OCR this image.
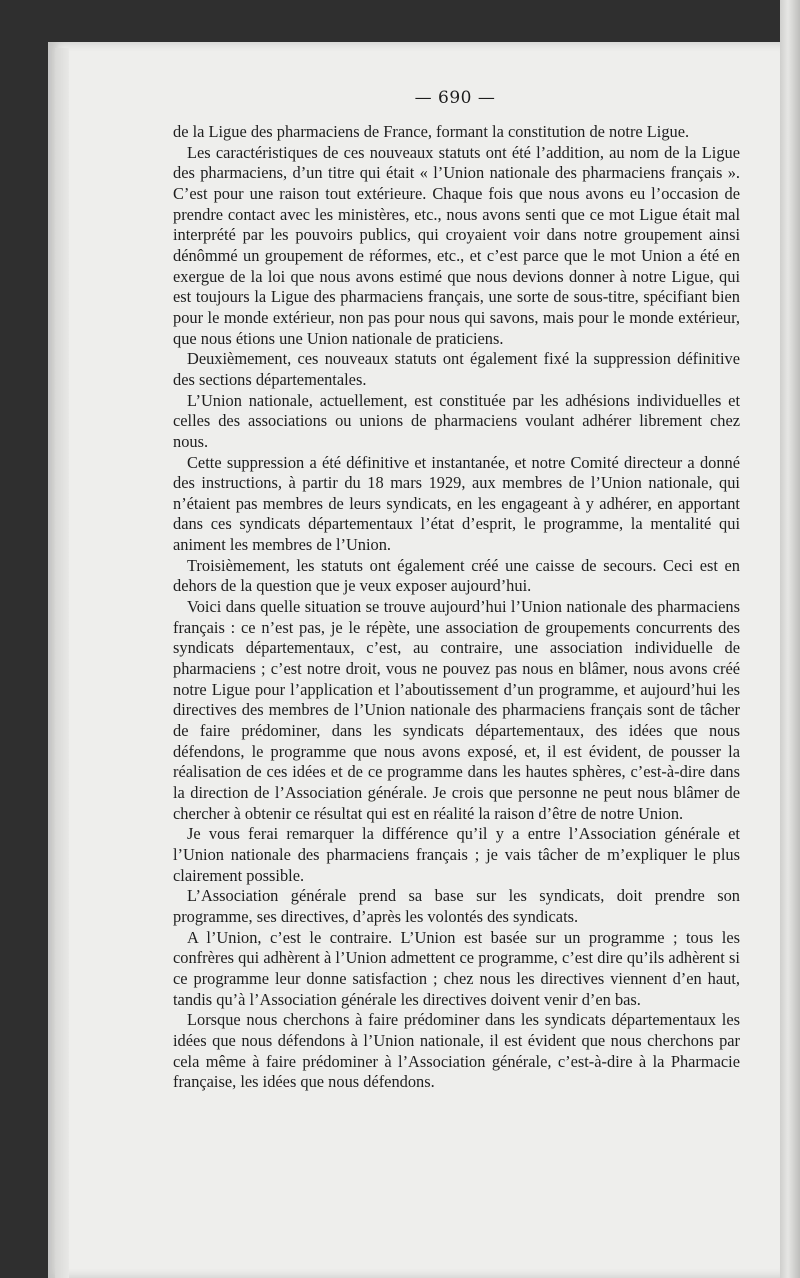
— 690 —

de la Ligue des pharmaciens de France, formant la constitution de notre Ligue.

Les caractéristiques de ces nouveaux statuts ont été l’addition, au nom de la Ligue des pharmaciens, d’un titre qui était « l’Union nationale des pharmaciens français ». C’est pour une raison tout extérieure. Chaque fois que nous avons eu l’occasion de prendre contact avec les ministères, etc., nous avons senti que ce mot Ligue était mal interprété par les pouvoirs publics, qui croyaient voir dans notre groupement ainsi dénômmé un groupement de réformes, etc., et c’est parce que le mot Union a été en exergue de la loi que nous avons estimé que nous devions donner à notre Ligue, qui est toujours la Ligue des pharmaciens français, une sorte de sous-titre, spécifiant bien pour le monde extérieur, non pas pour nous qui savons, mais pour le monde extérieur, que nous étions une Union nationale de praticiens.

Deuxièmement, ces nouveaux statuts ont également fixé la suppression définitive des sections départementales.

L’Union nationale, actuellement, est constituée par les adhésions individuelles et celles des associations ou unions de pharmaciens voulant adhérer librement chez nous.

Cette suppression a été définitive et instantanée, et notre Comité directeur a donné des instructions, à partir du 18 mars 1929, aux membres de l’Union nationale, qui n’étaient pas membres de leurs syndicats, en les engageant à y adhérer, en apportant dans ces syndicats départementaux l’état d’esprit, le programme, la mentalité qui animent les membres de l’Union.

Troisièmement, les statuts ont également créé une caisse de secours. Ceci est en dehors de la question que je veux exposer aujourd’hui.

Voici dans quelle situation se trouve aujourd’hui l’Union nationale des pharmaciens français : ce n’est pas, je le répète, une association de groupements concurrents des syndicats départementaux, c’est, au contraire, une association individuelle de pharmaciens ; c’est notre droit, vous ne pouvez pas nous en blâmer, nous avons créé notre Ligue pour l’application et l’aboutissement d’un programme, et aujourd’hui les directives des membres de l’Union nationale des pharmaciens français sont de tâcher de faire prédominer, dans les syndicats départementaux, des idées que nous défendons, le programme que nous avons exposé, et, il est évident, de pousser la réalisation de ces idées et de ce programme dans les hautes sphères, c’est-à-dire dans la direction de l’Association générale. Je crois que personne ne peut nous blâmer de chercher à obtenir ce résultat qui est en réalité la raison d’être de notre Union.

Je vous ferai remarquer la différence qu’il y a entre l’Association générale et l’Union nationale des pharmaciens français ; je vais tâcher de m’expliquer le plus clairement possible.

L’Association générale prend sa base sur les syndicats, doit prendre son programme, ses directives, d’après les volontés des syndicats.

A l’Union, c’est le contraire. L’Union est basée sur un programme ; tous les confrères qui adhèrent à l’Union admettent ce programme, c’est dire qu’ils adhèrent si ce programme leur donne satisfaction ; chez nous les directives viennent d’en haut, tandis qu’à l’Association générale les directives doivent venir d’en bas.

Lorsque nous cherchons à faire prédominer dans les syndicats départementaux les idées que nous défendons à l’Union nationale, il est évident que nous cherchons par cela même à faire prédominer à l’Association générale, c’est-à-dire à la Pharmacie française, les idées que nous défendons.
